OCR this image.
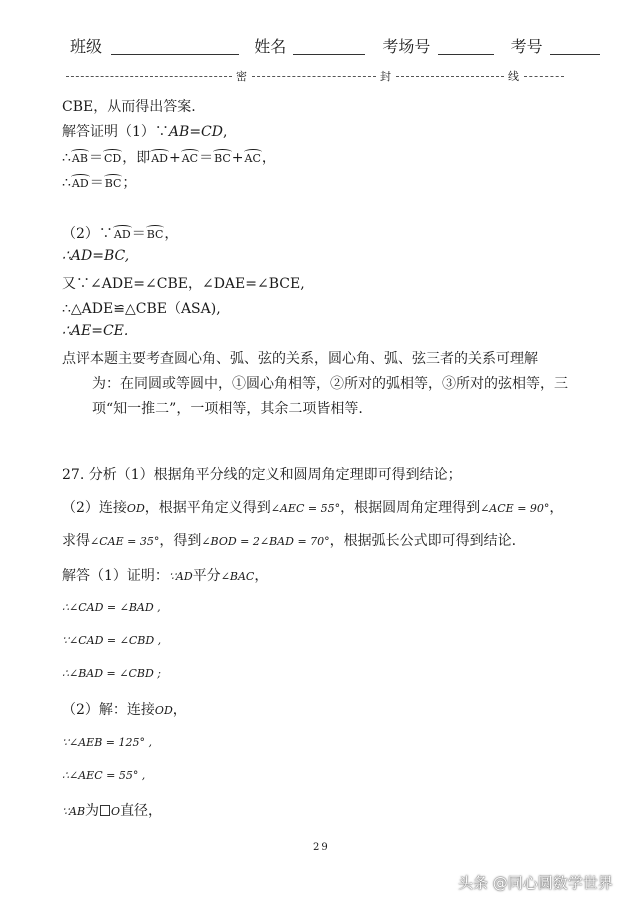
班级	姓名	考场号	考号
密	封	线
CBE，从而得出答案.
解答证明（1）∵AB=CD,
∴AB＝CD，即AD+AC＝BC+AC，
∴AD＝BC；
（2）∵AD＝BC，
∴AD=BC,
又∵∠ADE=∠CBE，∠DAE=∠BCE,
∴△ADE≌△CBE（ASA),
∴AE=CE.
点评本题主要考查圆心角、弧、弦的关系，圆心角、弧、弦三者的关系可理解
为：在同圆或等圆中，①圆心角相等，②所对的弧相等，③所对的弦相等，三
项“知一推二”，一项相等，其余二项皆相等.
27. 分析（1）根据角平分线的定义和圆周角定理即可得到结论；
（2）连接OD，根据平角定义得到∠AEC = 55°，根据圆周角定理得到∠ACE = 90°，
求得∠CAE = 35°，得到∠BOD = 2∠BAD = 70°，根据弧长公式即可得到结论.
解答（1）证明：∵AD平分∠BAC，
∴∠CAD = ∠BAD ,
∵∠CAD = ∠CBD ,
∴∠BAD = ∠CBD ;
（2）解：连接OD，
∵∠AEB = 125° ,
∴∠AEC = 55° ,
∵AB为 O直径，
29
头条 @同心圆数学世界
